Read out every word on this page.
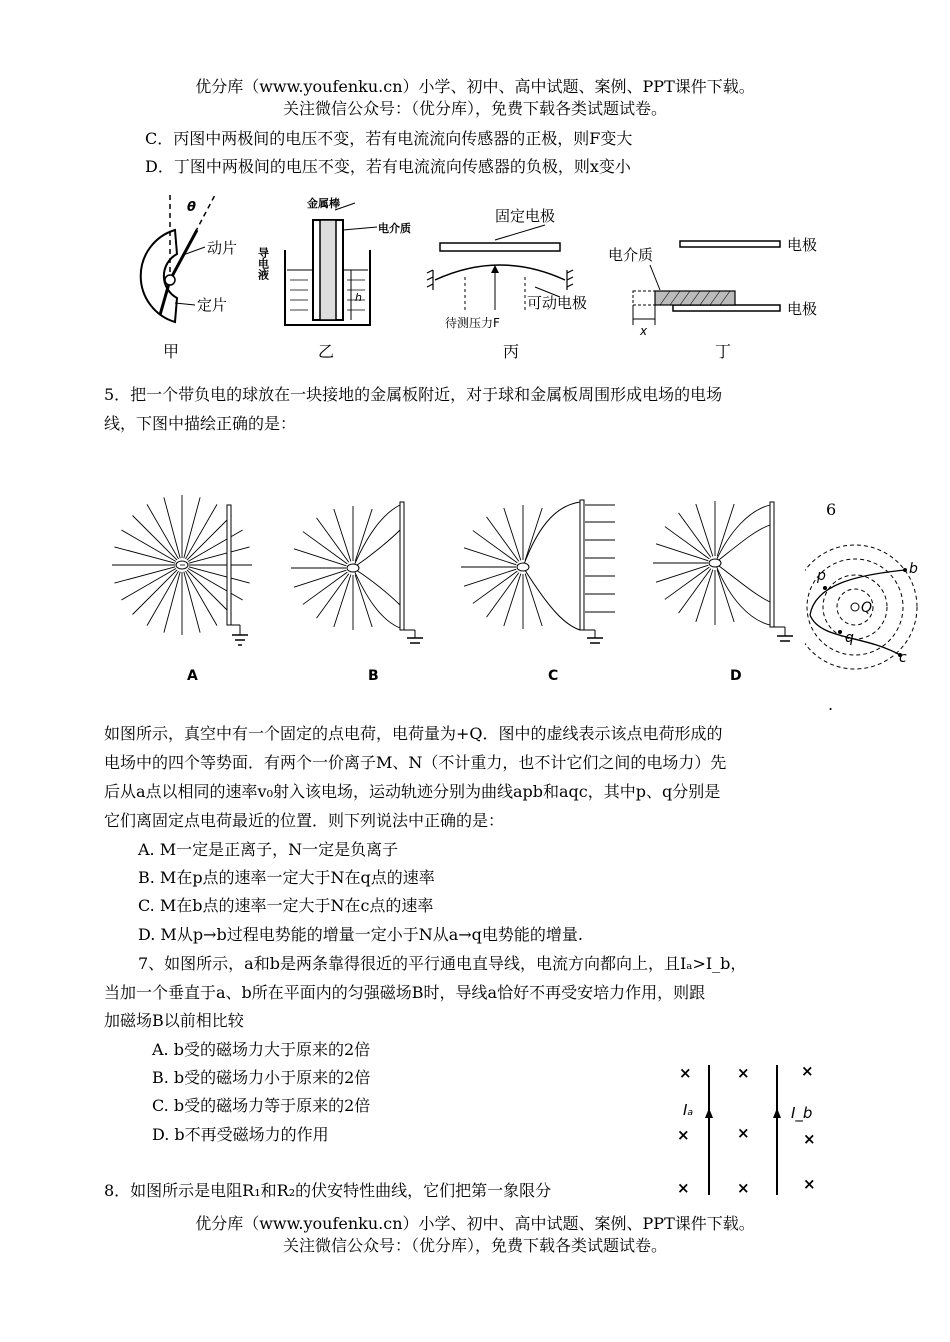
优分库（www.youfenku.cn）小学、初中、高中试题、案例、PPT课件下载。
关注微信公众号：（优分库），免费下载各类试题试卷。
C．丙图中两极间的电压不变，若有电流流向传感器的正极，则F变大
D．丁图中两极间的电压不变，若有电流流向传感器的负极，则x变小
θ
动片
定片
甲
金属棒
电介质
导电液
h
乙
固定电极
可动电极
待测压力F
丙
电介质
电极
电极
x
丁
5．把一个带负电的球放在一块接地的金属板附近，对于球和金属板周围形成电场的电场
线，下图中描绘正确的是：
A	B	C	D
6
p	b
Q
q
c
.
如图所示，真空中有一个固定的点电荷，电荷量为+Q．图中的虚线表示该点电荷形成的
电场中的四个等势面．有两个一价离子M、N（不计重力，也不计它们之间的电场力）先
后从a点以相同的速率v₀射入该电场，运动轨迹分别为曲线apb和aqc，其中p、q分别是
它们离固定点电荷最近的位置．则下列说法中正确的是：
A. M一定是正离子，N一定是负离子
B. M在p点的速率一定大于N在q点的速率
C. M在b点的速率一定大于N在c点的速率
D. M从p→b过程电势能的增量一定小于N从a→q电势能的增量.
7、如图所示，a和b是两条靠得很近的平行通电直导线，电流方向都向上，且Iₐ>I_b，
当加一个垂直于a、b所在平面内的匀强磁场B时，导线a恰好不再受安培力作用，则跟
加磁场B以前相比较
A. b受的磁场力大于原来的2倍
B. b受的磁场力小于原来的2倍
C. b受的磁场力等于原来的2倍
D. b不再受磁场力的作用
×	×	×
×	×	×
×	×	×
Iₐ	I_b
8．如图所示是电阻R₁和R₂的伏安特性曲线，它们把第一象限分
优分库（www.youfenku.cn）小学、初中、高中试题、案例、PPT课件下载。
关注微信公众号：（优分库），免费下载各类试题试卷。
